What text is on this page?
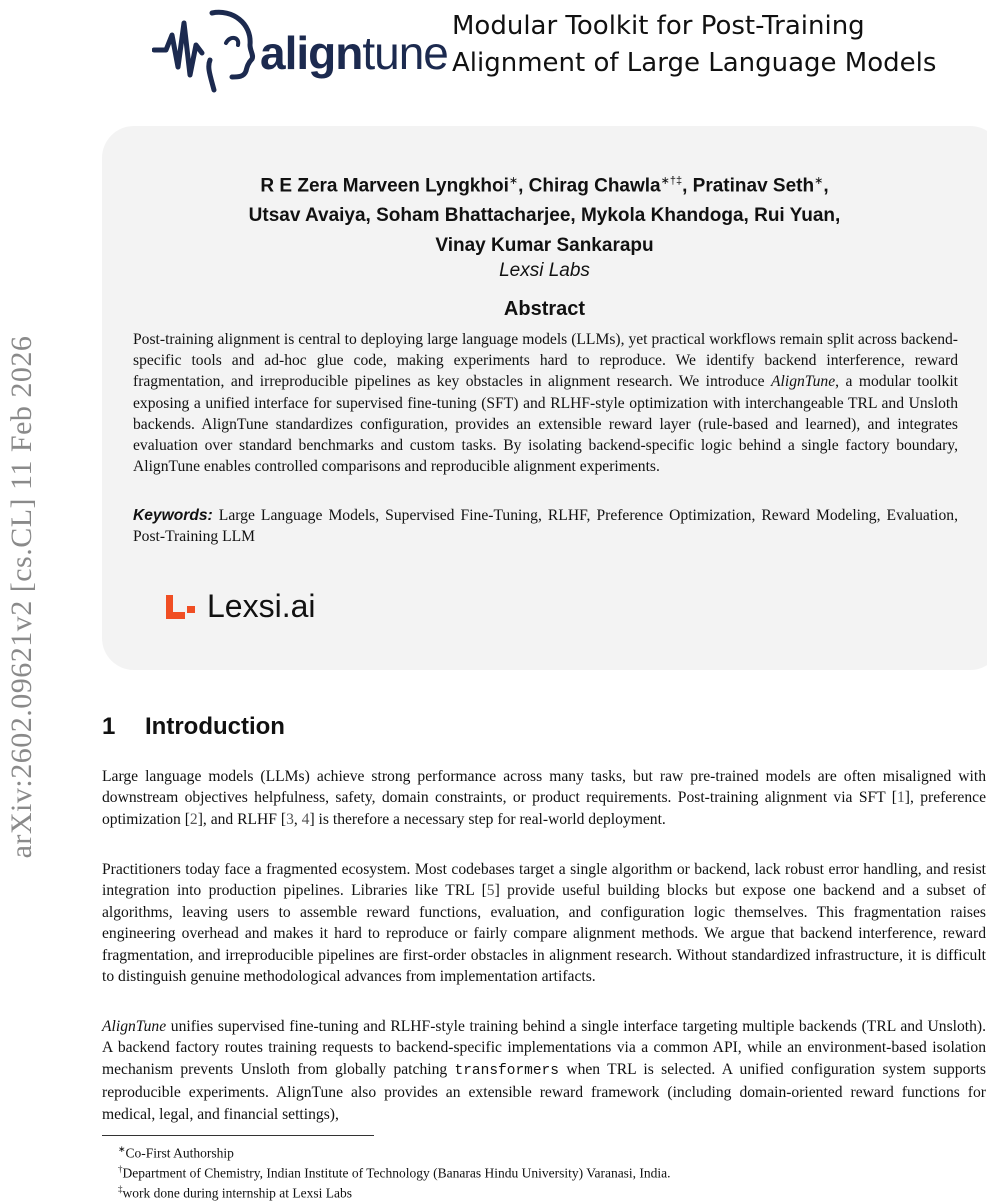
arXiv:2602.09621v2 [cs.CL] 11 Feb 2026
aligntune
Modular Toolkit for Post-Training
Alignment of Large Language Models
R E Zera Marveen Lyngkhoi∗, Chirag Chawla∗†‡, Pratinav Seth∗,
Utsav Avaiya, Soham Bhattacharjee, Mykola Khandoga, Rui Yuan,
Vinay Kumar Sankarapu
Lexsi Labs
Abstract
Post-training alignment is central to deploying large language models (LLMs), yet practical workflows remain split across backend-specific tools and ad-hoc glue code, making experiments hard to reproduce. We identify backend interference, reward fragmentation, and irreproducible pipelines as key obstacles in alignment research. We introduce AlignTune, a modular toolkit exposing a unified interface for supervised fine-tuning (SFT) and RLHF-style optimization with interchangeable TRL and Unsloth backends. AlignTune standardizes configuration, provides an extensible reward layer (rule-based and learned), and integrates evaluation over standard benchmarks and custom tasks. By isolating backend-specific logic behind a single factory boundary, AlignTune enables controlled comparisons and reproducible alignment experiments.
Keywords: Large Language Models, Supervised Fine-Tuning, RLHF, Preference Optimization, Reward Modeling, Evaluation, Post-Training LLM
Lexsi.ai
1 Introduction
Large language models (LLMs) achieve strong performance across many tasks, but raw pre-trained models are often misaligned with downstream objectives helpfulness, safety, domain constraints, or product requirements. Post-training alignment via SFT [1], preference optimization [2], and RLHF [3, 4] is therefore a necessary step for real-world deployment.
Practitioners today face a fragmented ecosystem. Most codebases target a single algorithm or backend, lack robust error handling, and resist integration into production pipelines. Libraries like TRL [5] provide useful building blocks but expose one backend and a subset of algorithms, leaving users to assemble reward functions, evaluation, and configuration logic themselves. This fragmentation raises engineering overhead and makes it hard to reproduce or fairly compare alignment methods. We argue that backend interference, reward fragmentation, and irreproducible pipelines are first-order obstacles in alignment research. Without standardized infrastructure, it is difficult to distinguish genuine methodological advances from implementation artifacts.
AlignTune unifies supervised fine-tuning and RLHF-style training behind a single interface targeting multiple backends (TRL and Unsloth). A backend factory routes training requests to backend-specific implementations via a common API, while an environment-based isolation mechanism prevents Unsloth from globally patching transformers when TRL is selected. A unified configuration system supports reproducible experiments. AlignTune also provides an extensible reward framework (including domain-oriented reward functions for medical, legal, and financial settings),
∗Co-First Authorship
†Department of Chemistry, Indian Institute of Technology (Banaras Hindu University) Varanasi, India.
‡work done during internship at Lexsi Labs
